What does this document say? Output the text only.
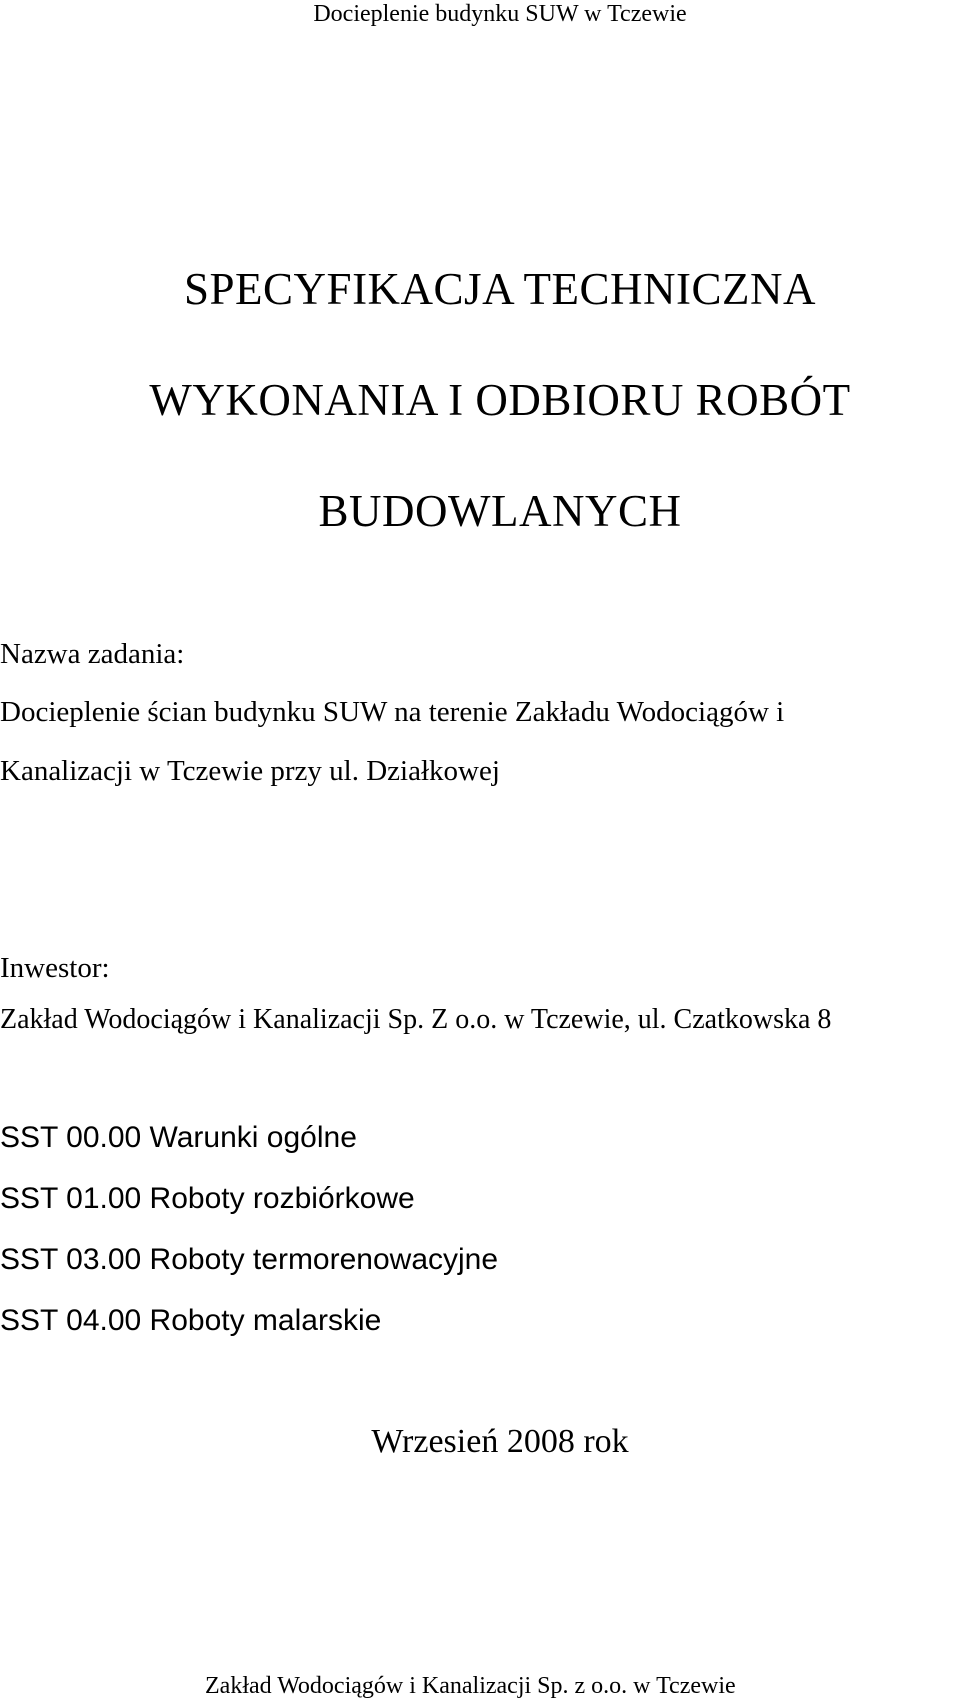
Docieplenie budynku SUW w Tczewie
SPECYFIKACJA TECHNICZNA
WYKONANIA I ODBIORU ROBÓT
BUDOWLANYCH
Nazwa zadania:
Docieplenie ścian budynku SUW na terenie Zakładu Wodociągów i
Kanalizacji w Tczewie przy ul. Działkowej
Inwestor:
Zakład Wodociągów i Kanalizacji Sp. Z o.o. w Tczewie, ul. Czatkowska 8
SST 00.00 Warunki ogólne
SST 01.00 Roboty rozbiórkowe
SST 03.00 Roboty termorenowacyjne
SST 04.00 Roboty malarskie
Wrzesień 2008 rok
Zakład Wodociągów i Kanalizacji Sp. z o.o. w Tczewie
